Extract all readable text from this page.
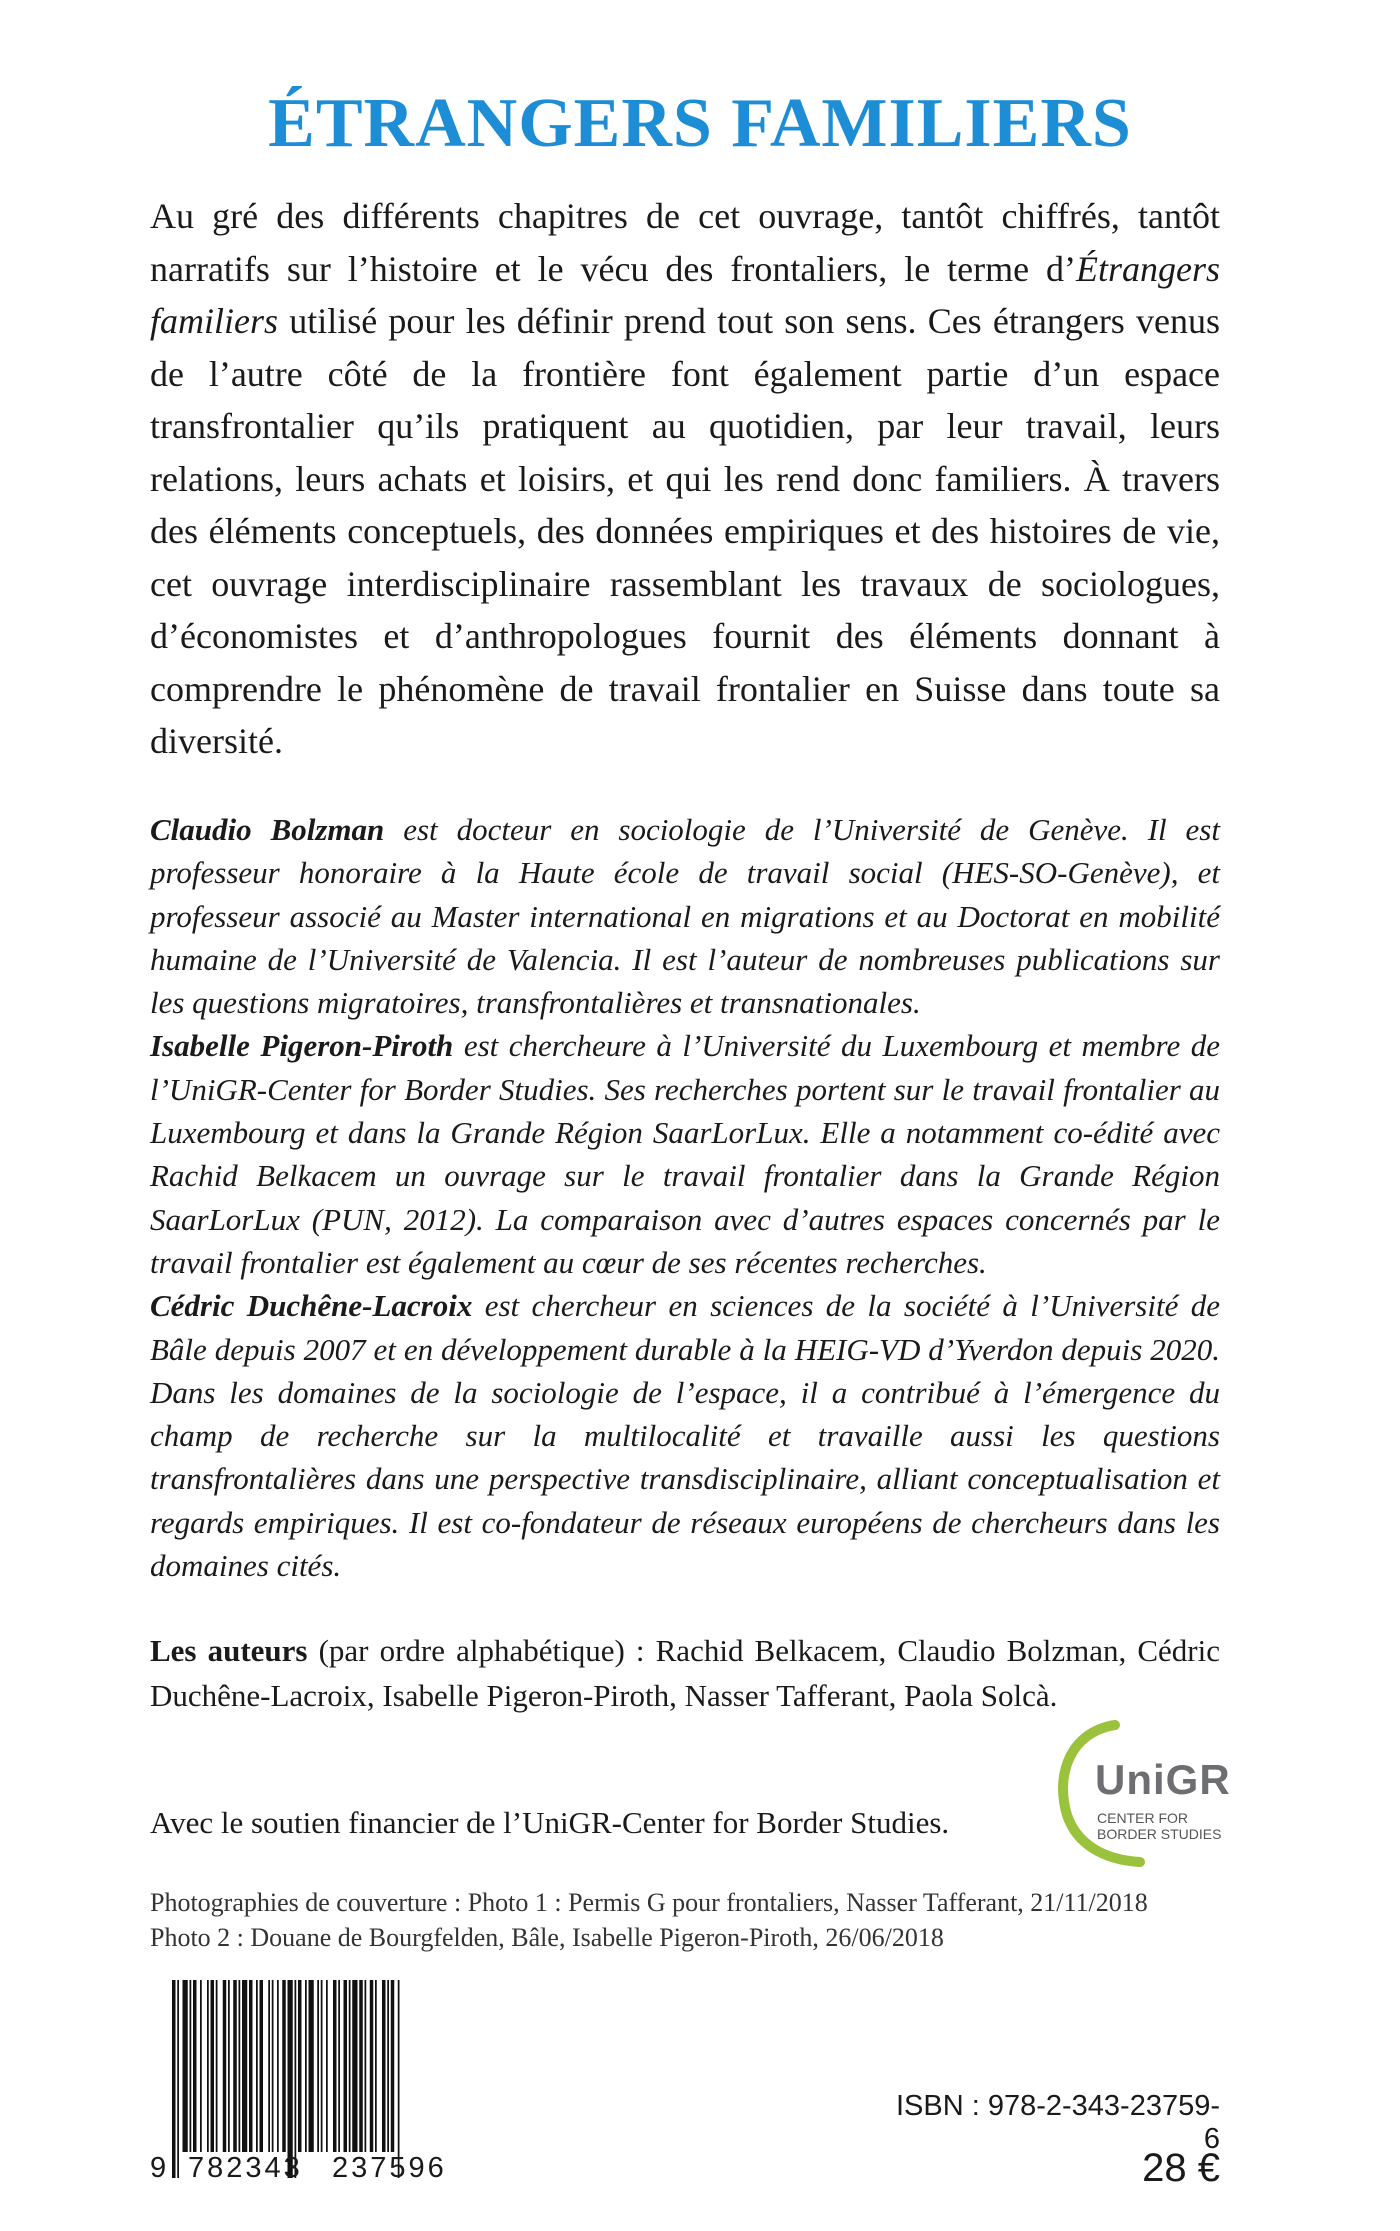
ÉTRANGERS FAMILIERS

Au gré des différents chapitres de cet ouvrage, tantôt chiffrés, tantôt narratifs sur l’histoire et le vécu des frontaliers, le terme d’Étrangers familiers utilisé pour les définir prend tout son sens. Ces étrangers venus de l’autre côté de la frontière font également partie d’un espace transfrontalier qu’ils pratiquent au quotidien, par leur travail, leurs relations, leurs achats et loisirs, et qui les rend donc familiers. À travers des éléments conceptuels, des données empiriques et des histoires de vie, cet ouvrage interdisciplinaire rassemblant les travaux de sociologues, d’économistes et d’anthropologues fournit des éléments donnant à comprendre le phénomène de travail frontalier en Suisse dans toute sa diversité.

Claudio Bolzman est docteur en sociologie de l’Université de Genève. Il est professeur honoraire à la Haute école de travail social (HES-SO-Genève), et professeur associé au Master international en migrations et au Doctorat en mobilité humaine de l’Université de Valencia. Il est l’auteur de nombreuses publications sur les questions migratoires, transfrontalières et transnationales.

Isabelle Pigeron-Piroth est chercheure à l’Université du Luxembourg et membre de l’UniGR-Center for Border Studies. Ses recherches portent sur le travail frontalier au Luxembourg et dans la Grande Région SaarLorLux. Elle a notamment co-édité avec Rachid Belkacem un ouvrage sur le travail frontalier dans la Grande Région SaarLorLux (PUN, 2012). La comparaison avec d’autres espaces concernés par le travail frontalier est également au cœur de ses récentes recherches.

Cédric Duchêne-Lacroix est chercheur en sciences de la société à l’Université de Bâle depuis 2007 et en développement durable à la HEIG-VD d’Yverdon depuis 2020. Dans les domaines de la sociologie de l’espace, il a contribué à l’émergence du champ de recherche sur la multilocalité et travaille aussi les questions transfrontalières dans une perspective transdisciplinaire, alliant conceptualisation et regards empiriques. Il est co-fondateur de réseaux européens de chercheurs dans les domaines cités.

Les auteurs (par ordre alphabétique) : Rachid Belkacem, Claudio Bolzman, Cédric Duchêne-Lacroix, Isabelle Pigeron-Piroth, Nasser Tafferant, Paola Solcà.

UniGR
CENTER FOR
BORDER STUDIES

Avec le soutien financier de l’UniGR-Center for Border Studies.

Photographies de couverture : Photo 1 : Permis G pour frontaliers, Nasser Tafferant, 21/11/2018
Photo 2 : Douane de Bourgfelden, Bâle, Isabelle Pigeron-Piroth, 26/06/2018

9 782343 237596

ISBN : 978-2-343-23759-6

28 €
